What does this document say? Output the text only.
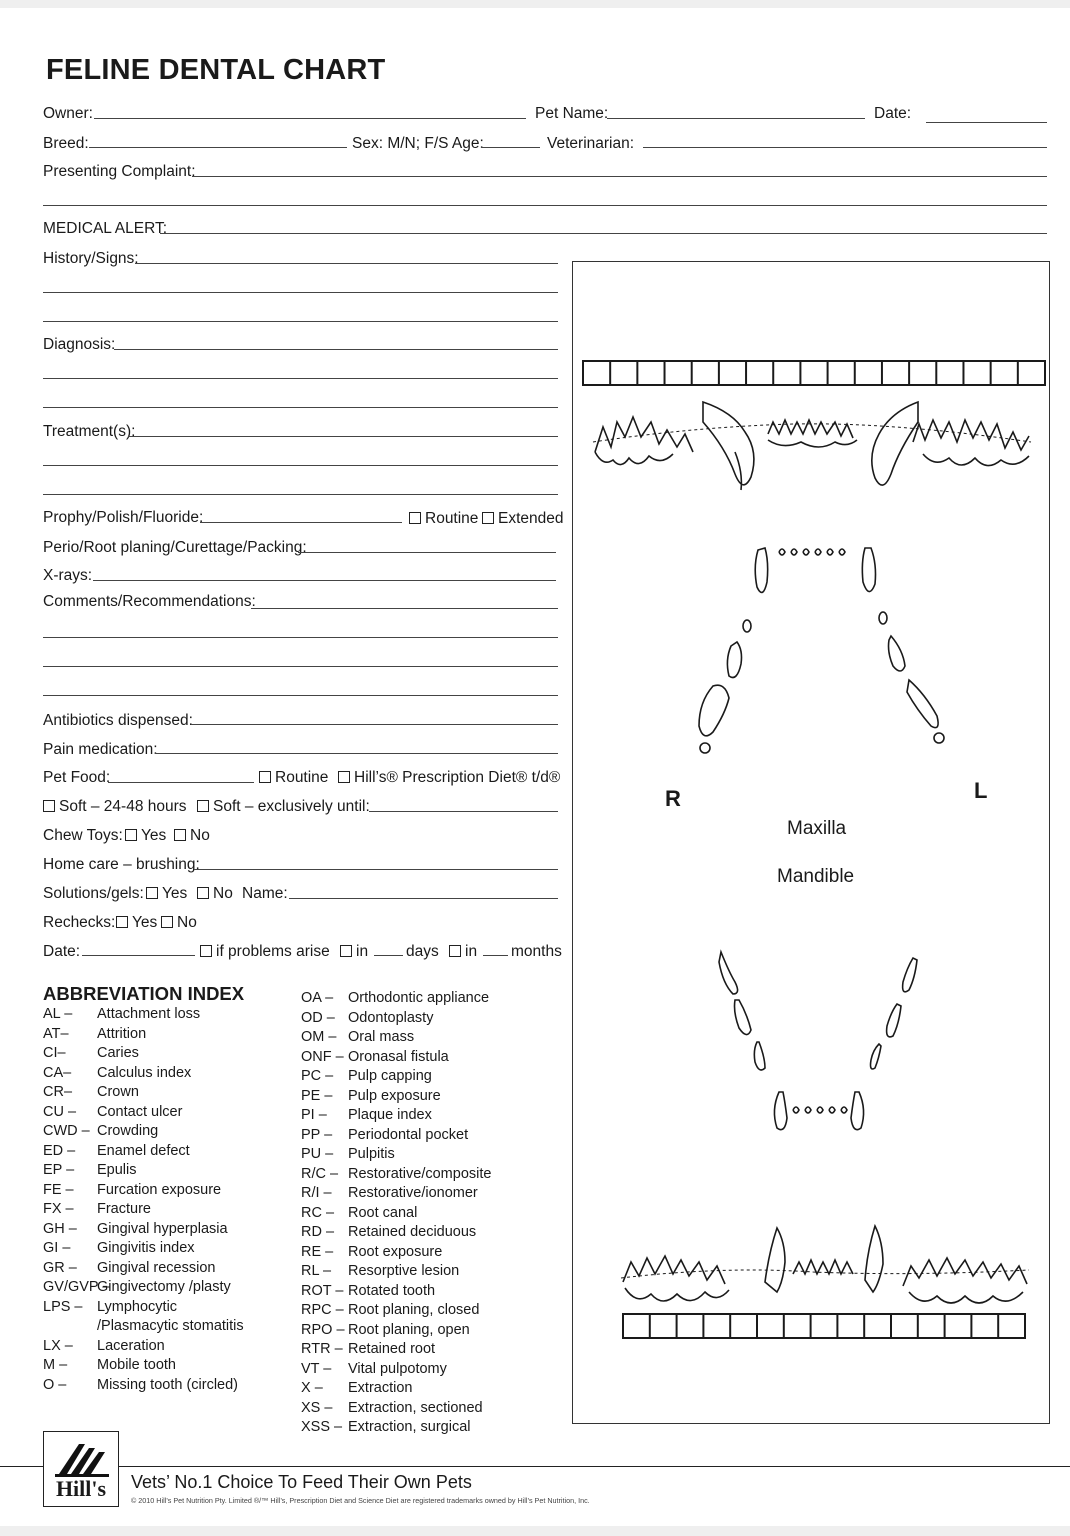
FELINE DENTAL CHART
Owner:	Pet Name:	Date:
Breed:	Sex: M/N; F/S Age:	Veterinarian:
Presenting Complaint:
MEDICAL ALERT:
History/Signs:
Diagnosis:
Treatment(s):
Prophy/Polish/Fluoride:	Routine	Extended
Perio/Root planing/Curettage/Packing:
X-rays:
Comments/Recommendations:
Antibiotics dispensed:
Pain medication:
Pet Food:	Routine	Hill’s® Prescription Diet® t/d®
Soft – 24-48 hours	Soft – exclusively until:
Chew Toys:	Yes	No
Home care – brushing:
Solutions/gels:	Yes	No Name:
Rechecks:	Yes	No
Date:	if problems arise	in days	in months
ABBREVIATION INDEX
AL – Attachment loss
AT– Attrition
CI– Caries
CA– Calculus index
CR– Crown
CU – Contact ulcer
CWD – Crowding
ED – Enamel defect
EP – Epulis
FE – Furcation exposure
FX – Fracture
GH – Gingival hyperplasia
GI – Gingivitis index
GR – Gingival recession
GV/GVP –
Gingivectomy /plasty
LPS – Lymphocytic
/Plasmacytic stomatitis
LX – Laceration
M – Mobile tooth
O – Missing tooth (circled)
OA – Orthodontic appliance
OD – Odontoplasty
OM – Oral mass
ONF – Oronasal fistula
PC – Pulp capping
PE – Pulp exposure
PI – Plaque index
PP – Periodontal pocket
PU – Pulpitis
R/C – Restorative/composite
R/I – Restorative/ionomer
RC – Root canal
RD – Retained deciduous
RE – Root exposure
RL – Resorptive lesion
ROT – Rotated tooth
RPC – Root planing, closed
RPO – Root planing, open
RTR – Retained root
VT – Vital pulpotomy
X – Extraction
XS – Extraction, sectioned
XSS – Extraction, surgical
R	L
Maxilla
Mandible
Hill's	Vets’ No.1 Choice To Feed Their Own Pets
© 2010 Hill’s Pet Nutrition Pty. Limited ®/™ Hill’s, Prescription Diet and Science Diet are registered trademarks owned by Hill’s Pet Nutrition, Inc.
